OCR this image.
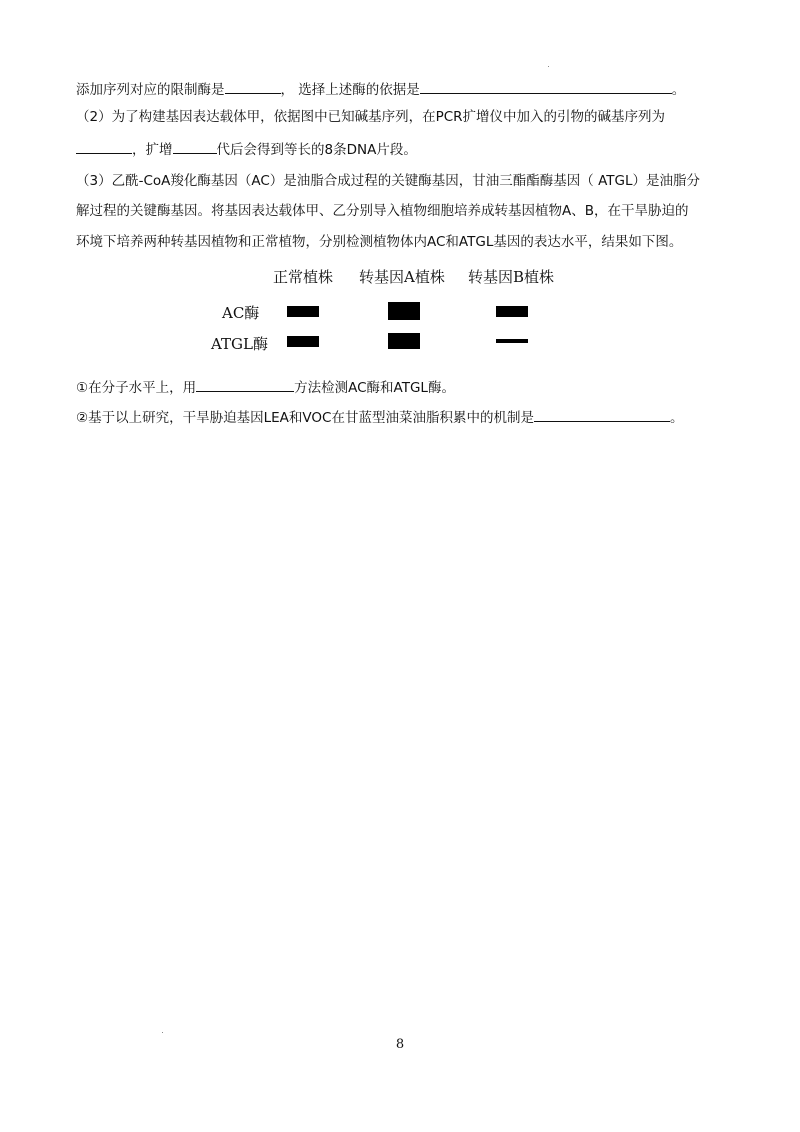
添加序列对应的限制酶是	， 选择上述酶的依据是	。
（2）为了构建基因表达载体甲，依据图中已知碱基序列，在PCR扩增仪中加入的引物的碱基序列为
，扩增	代后会得到等长的8条DNA片段。
（3）乙酰-CoA羧化酶基因（AC）是油脂合成过程的关键酶基因，甘油三酯酯酶基因（ ATGL）是油脂分
解过程的关键酶基因。将基因表达载体甲、乙分别导入植物细胞培养成转基因植物A、B，在干旱胁迫的
环境下培养两种转基因植物和正常植物，分别检测植物体内AC和ATGL基因的表达水平，结果如下图。
正常植株 转基因A植株 转基因B植株
AC酶
ATGL酶
①在分子水平上，用	方法检测AC酶和ATGL酶。
②基于以上研究，干旱胁迫基因LEA和VOC在甘蓝型油菜油脂积累中的机制是	。
8
